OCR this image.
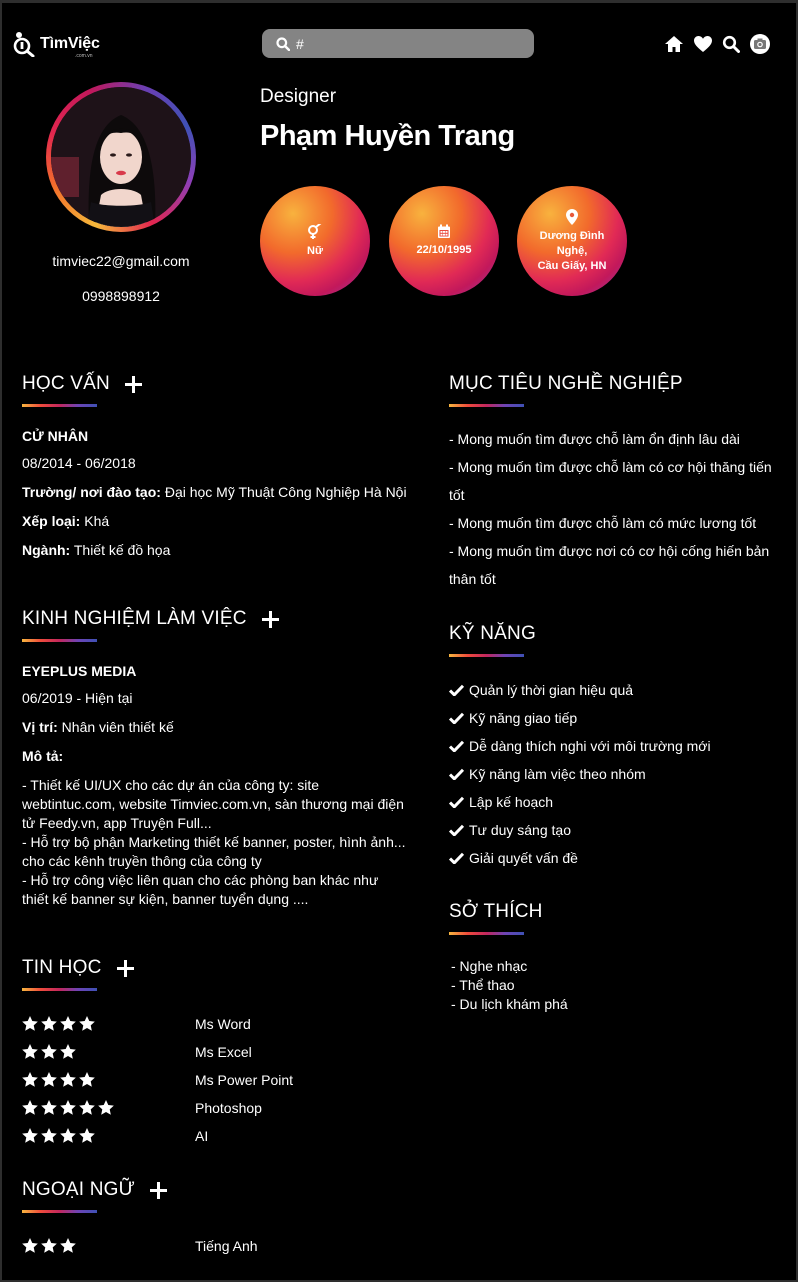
TìmViệc
.com.vn
#
timviec22@gmail.com
0998898912
Designer
Phạm Huyền Trang
Nữ	22/10/1995
Dương Đình Nghệ,
Cầu Giấy, HN
HỌC VẤN
CỬ NHÂN
08/2014 - 06/2018
Trường/ nơi đào tạo: Đại học Mỹ Thuật Công Nghiệp Hà Nội
Xếp loại: Khá
Ngành: Thiết kế đồ họa
KINH NGHIỆM LÀM VIỆC
EYEPLUS MEDIA
06/2019 - Hiện tại
Vị trí: Nhân viên thiết kế
Mô tả:
- Thiết kế UI/UX cho các dự án của công ty: site webtintuc.com, website Timviec.com.vn, sàn thương mại điện tử Feedy.vn, app Truyện Full...
- Hỗ trợ bộ phận Marketing thiết kế banner, poster, hình ảnh... cho các kênh truyền thông của công ty
- Hỗ trợ công việc liên quan cho các phòng ban khác như thiết kế banner sự kiện, banner tuyển dụng ....
TIN HỌC
Ms Word
Ms Excel
Ms Power Point
Photoshop
AI
NGOẠI NGỮ
Tiếng Anh
MỤC TIÊU NGHỀ NGHIỆP
- Mong muốn tìm được chỗ làm ổn định lâu dài
- Mong muốn tìm được chỗ làm có cơ hội thăng tiến tốt
- Mong muốn tìm được chỗ làm có mức lương tốt
- Mong muốn tìm được nơi có cơ hội cống hiến bản thân tốt
KỸ NĂNG
Quản lý thời gian hiệu quả
Kỹ năng giao tiếp
Dễ dàng thích nghi với môi trường mới
Kỹ năng làm việc theo nhóm
Lập kế hoạch
Tư duy sáng tạo
Giải quyết vấn đề
SỞ THÍCH
- Nghe nhạc
- Thể thao
- Du lịch khám phá
